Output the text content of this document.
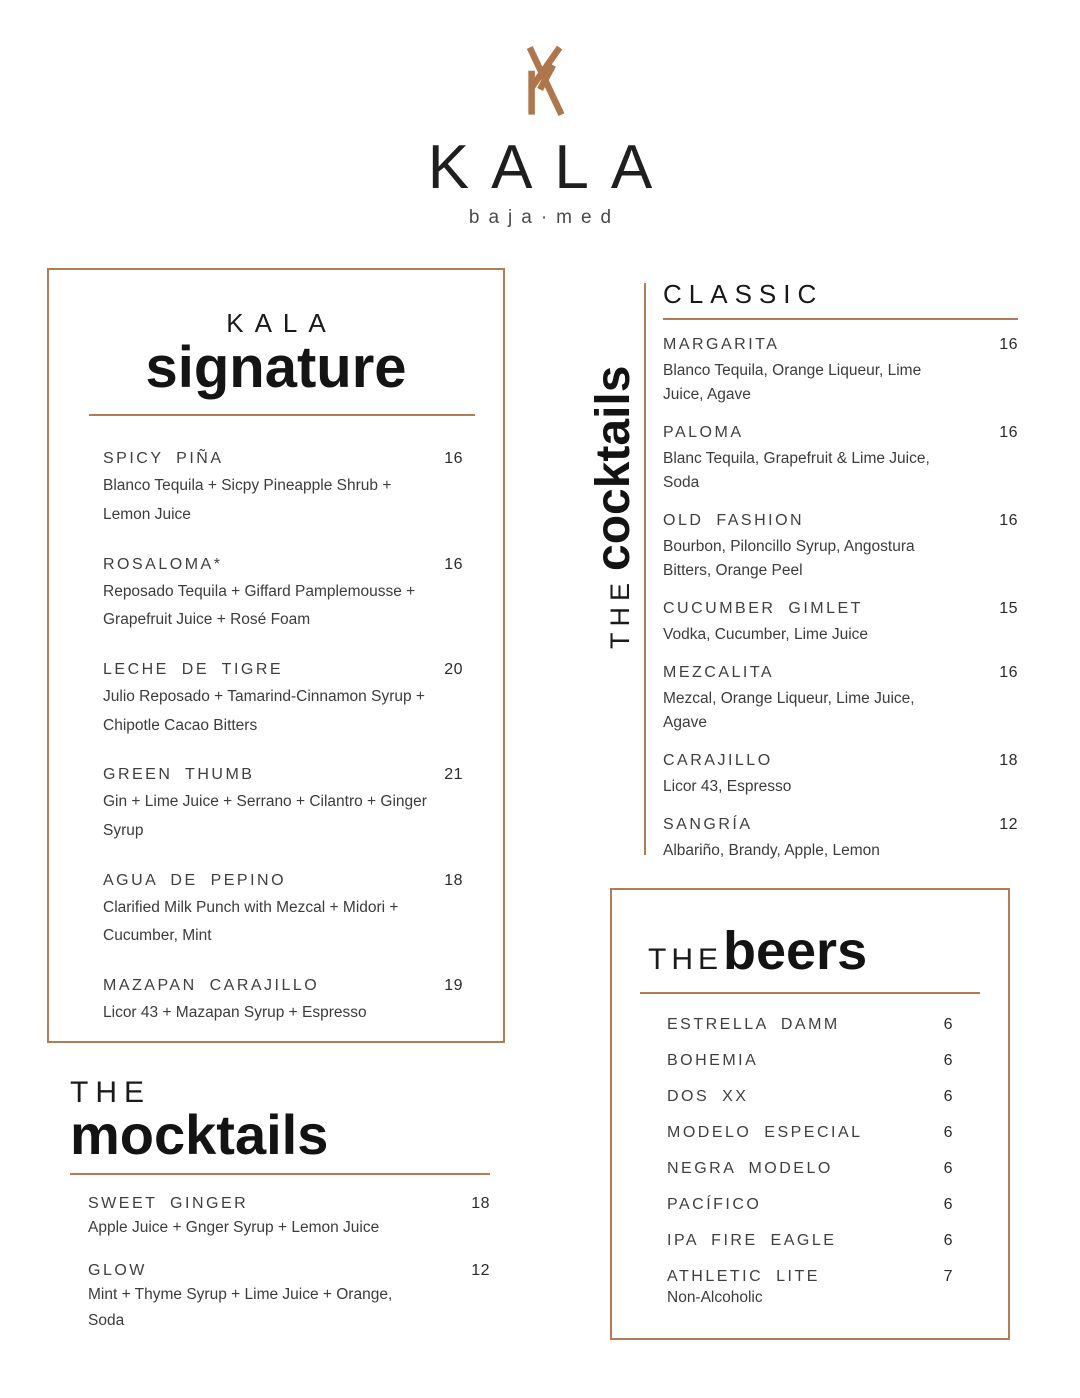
KALA
baja·med
KALA
signature
SPICY PIÑA	16
Blanco Tequila + Sicpy Pineapple Shrub + Lemon Juice
ROSALOMA*	16
Reposado Tequila + Giffard Pamplemousse + Grapefruit Juice + Rosé Foam
LECHE DE TIGRE	20
Julio Reposado + Tamarind-Cinnamon Syrup + Chipotle Cacao Bitters
GREEN THUMB	21
Gin + Lime Juice + Serrano + Cilantro + Ginger Syrup
AGUA DE PEPINO	18
Clarified Milk Punch with Mezcal + Midori + Cucumber, Mint
MAZAPAN CARAJILLO	19
Licor 43 + Mazapan Syrup + Espresso
THEcocktails
CLASSIC
MARGARITA	16
Blanco Tequila, Orange Liqueur, Lime Juice, Agave
PALOMA	16
Blanc Tequila, Grapefruit & Lime Juice, Soda
OLD FASHION	16
Bourbon, Piloncillo Syrup, Angostura Bitters, Orange Peel
CUCUMBER GIMLET	15
Vodka, Cucumber, Lime Juice
MEZCALITA	16
Mezcal, Orange Liqueur, Lime Juice, Agave
CARAJILLO	18
Licor 43, Espresso
SANGRÍA	12
Albariño, Brandy, Apple, Lemon
THE
mocktails
SWEET GINGER	18
Apple Juice + Gnger Syrup + Lemon Juice
GLOW	12
Mint + Thyme Syrup + Lime Juice + Orange, Soda
THEbeers
ESTRELLA DAMM	6
BOHEMIA	6
DOS XX	6
MODELO ESPECIAL	6
NEGRA MODELO	6
PACÍFICO	6
IPA FIRE EAGLE	6
ATHLETIC LITE	7
Non-Alcoholic
